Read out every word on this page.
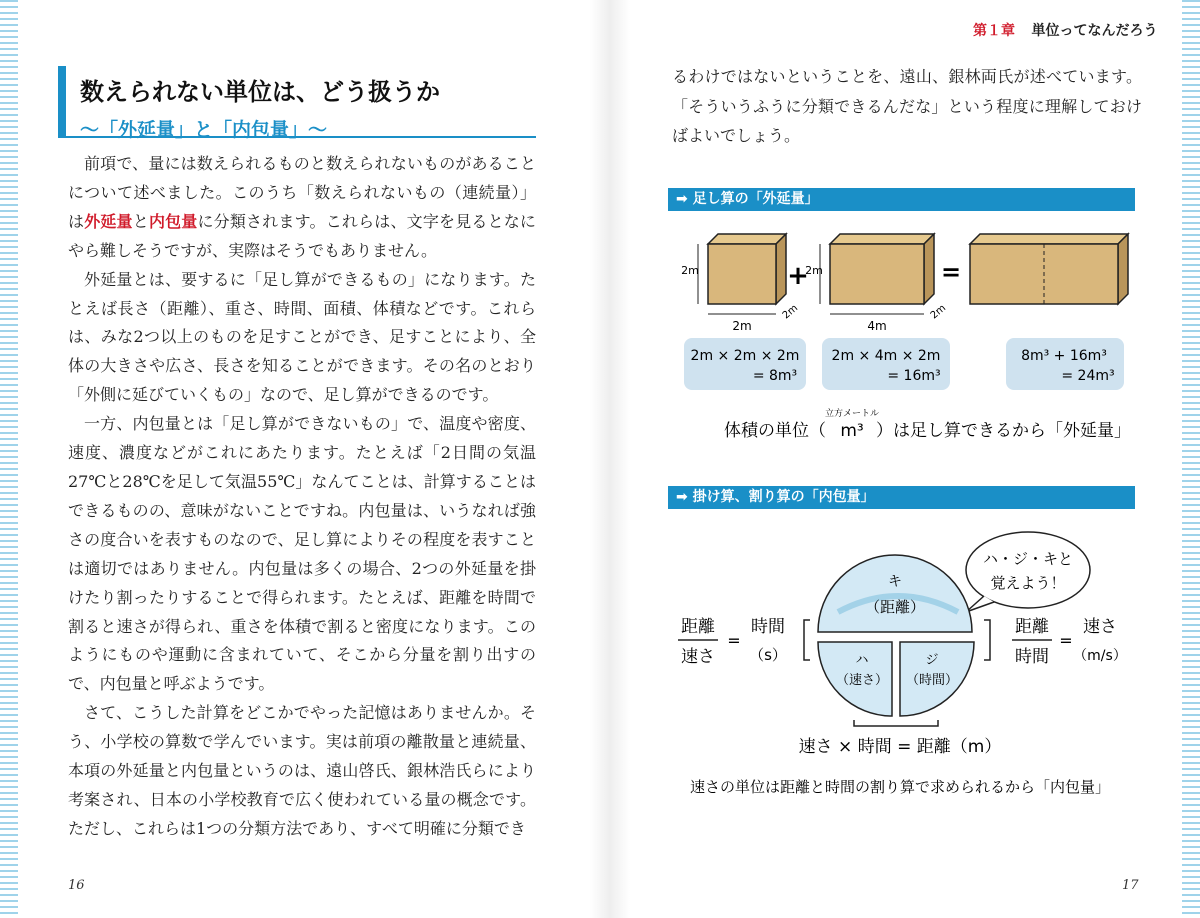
数えられない単位は、どう扱うか
〜「外延量」と「内包量」〜

前項で、量には数えられるものと数えられないものがあることについて述べました。このうち「数えられないもの（連続量）」は外延量と内包量に分類されます。これらは、文字を見るとなにやら難しそうですが、実際はそうでもありません。

外延量とは、要するに「足し算ができるもの」になります。たとえば長さ（距離）、重さ、時間、面積、体積などです。これらは、みな2つ以上のものを足すことができ、足すことにより、全体の大きさや広さ、長さを知ることができます。その名のとおり「外側に延びていくもの」なので、足し算ができるのです。

一方、内包量とは「足し算ができないもの」で、温度や密度、速度、濃度などがこれにあたります。たとえば「2日間の気温27℃と28℃を足して気温55℃」なんてことは、計算することはできるものの、意味がないことですね。内包量は、いうなれば強さの度合いを表すものなので、足し算によりその程度を表すことは適切ではありません。内包量は多くの場合、2つの外延量を掛けたり割ったりすることで得られます。たとえば、距離を時間で割ると速さが得られ、重さを体積で割ると密度になります。このようにものや運動に含まれていて、そこから分量を割り出すので、内包量と呼ぶようです。

さて、こうした計算をどこかでやった記憶はありませんか。そう、小学校の算数で学んでいます。実は前項の離散量と連続量、本項の外延量と内包量というのは、遠山啓氏、銀林浩氏らにより考案され、日本の小学校教育で広く使われている量の概念です。ただし、これらは1つの分類方法であり、すべて明確に分類でき

16
第１章 単位ってなんだろう

るわけではないということを、遠山、銀林両氏が述べています。「そういうふうに分類できるんだな」という程度に理解しておけばよいでしょう。

➡ 足し算の「外延量」
2m
2m
2m
+
2m
4m
2m
=
2m × 2m × 2m
= 8m³
2m × 4m × 2m
= 16m³
8m³ + 16m³
= 24m³
体積の単位（
立方メートル
m³ ）は足し算できるから「外延量」
➡ 掛け算、割り算の「内包量」
ハ・ジ・キと
覚えよう！
キ
（距離）
ハ
（速さ）
ジ
（時間）
距離
速さ
=
時間
（s）
距離
時間
=
速さ
（m/s）
速さ × 時間 = 距離（m）
速さの単位は距離と時間の割り算で求められるから「内包量」
17
